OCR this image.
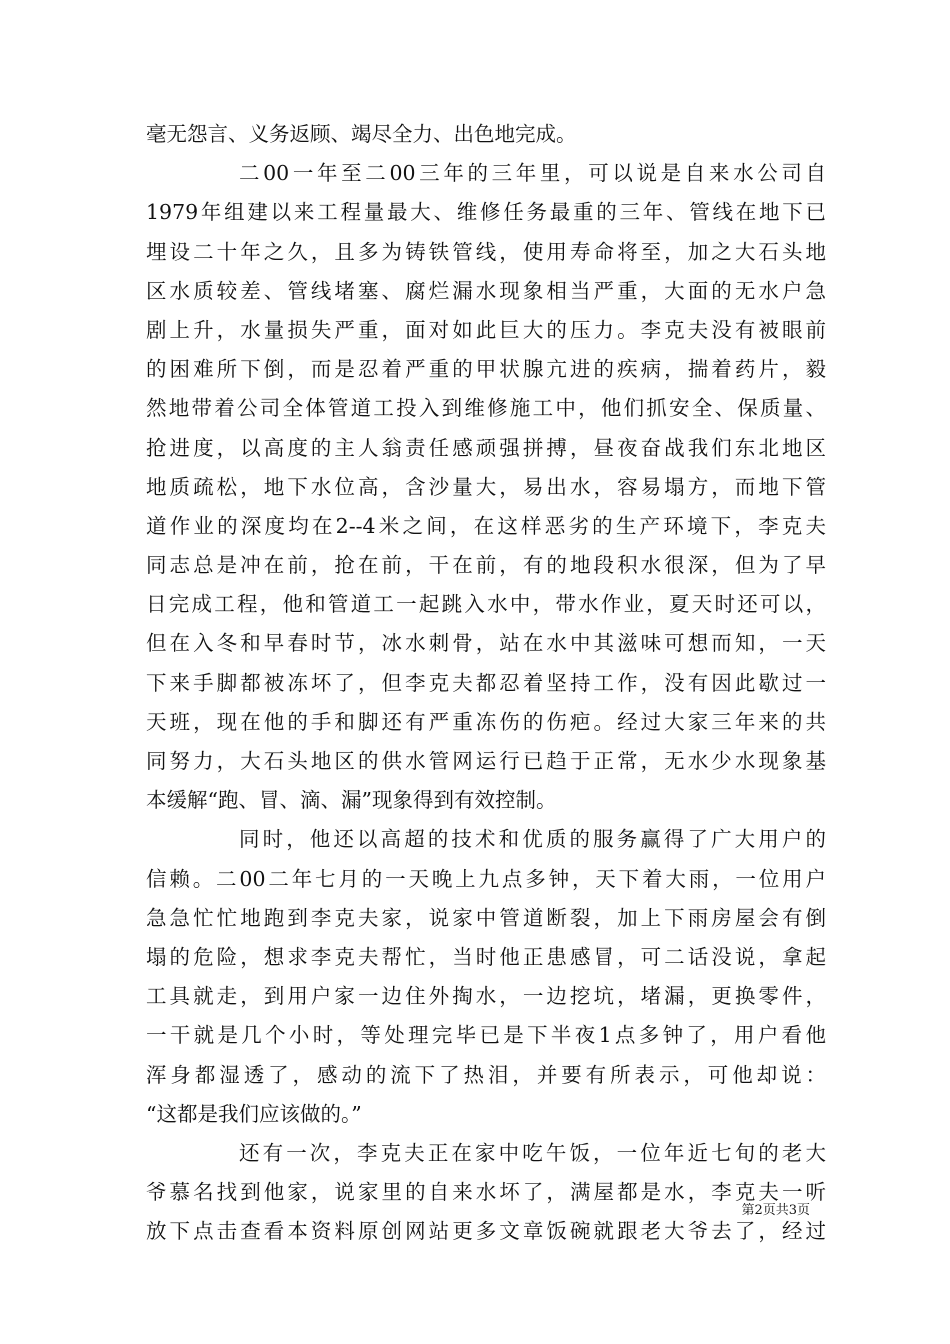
毫无怨言、义务返顾、竭尽全力、出色地完成。
二00一年至二00三年的三年里，可以说是自来水公司自
1979年组建以来工程量最大、维修任务最重的三年、管线在地下已
埋设二十年之久，且多为铸铁管线，使用寿命将至，加之大石头地
区水质较差、管线堵塞、腐烂漏水现象相当严重，大面的无水户急
剧上升，水量损失严重，面对如此巨大的压力。李克夫没有被眼前
的困难所下倒，而是忍着严重的甲状腺亢进的疾病，揣着药片，毅
然地带着公司全体管道工投入到维修施工中，他们抓安全、保质量、
抢进度，以高度的主人翁责任感顽强拼搏，昼夜奋战我们东北地区
地质疏松，地下水位高，含沙量大，易出水，容易塌方，而地下管
道作业的深度均在2--4米之间，在这样恶劣的生产环境下，李克夫
同志总是冲在前，抢在前，干在前，有的地段积水很深，但为了早
日完成工程，他和管道工一起跳入水中，带水作业，夏天时还可以，
但在入冬和早春时节，冰水刺骨，站在水中其滋味可想而知，一天
下来手脚都被冻坏了，但李克夫都忍着坚持工作，没有因此歇过一
天班，现在他的手和脚还有严重冻伤的伤疤。经过大家三年来的共
同努力，大石头地区的供水管网运行已趋于正常，无水少水现象基
本缓解“跑、冒、滴、漏”现象得到有效控制。
同时，他还以高超的技术和优质的服务赢得了广大用户的
信赖。二00二年七月的一天晚上九点多钟，天下着大雨，一位用户
急急忙忙地跑到李克夫家，说家中管道断裂，加上下雨房屋会有倒
塌的危险，想求李克夫帮忙，当时他正患感冒，可二话没说，拿起
工具就走，到用户家一边住外掏水，一边挖坑，堵漏，更换零件，
一干就是几个小时，等处理完毕已是下半夜1点多钟了，用户看他
浑身都湿透了，感动的流下了热泪，并要有所表示，可他却说：
“这都是我们应该做的。”
还有一次，李克夫正在家中吃午饭，一位年近七旬的老大
爷慕名找到他家，说家里的自来水坏了，满屋都是水，李克夫一听
放下点击查看本资料原创网站更多文章饭碗就跟老大爷去了，经过
第2页共3页
